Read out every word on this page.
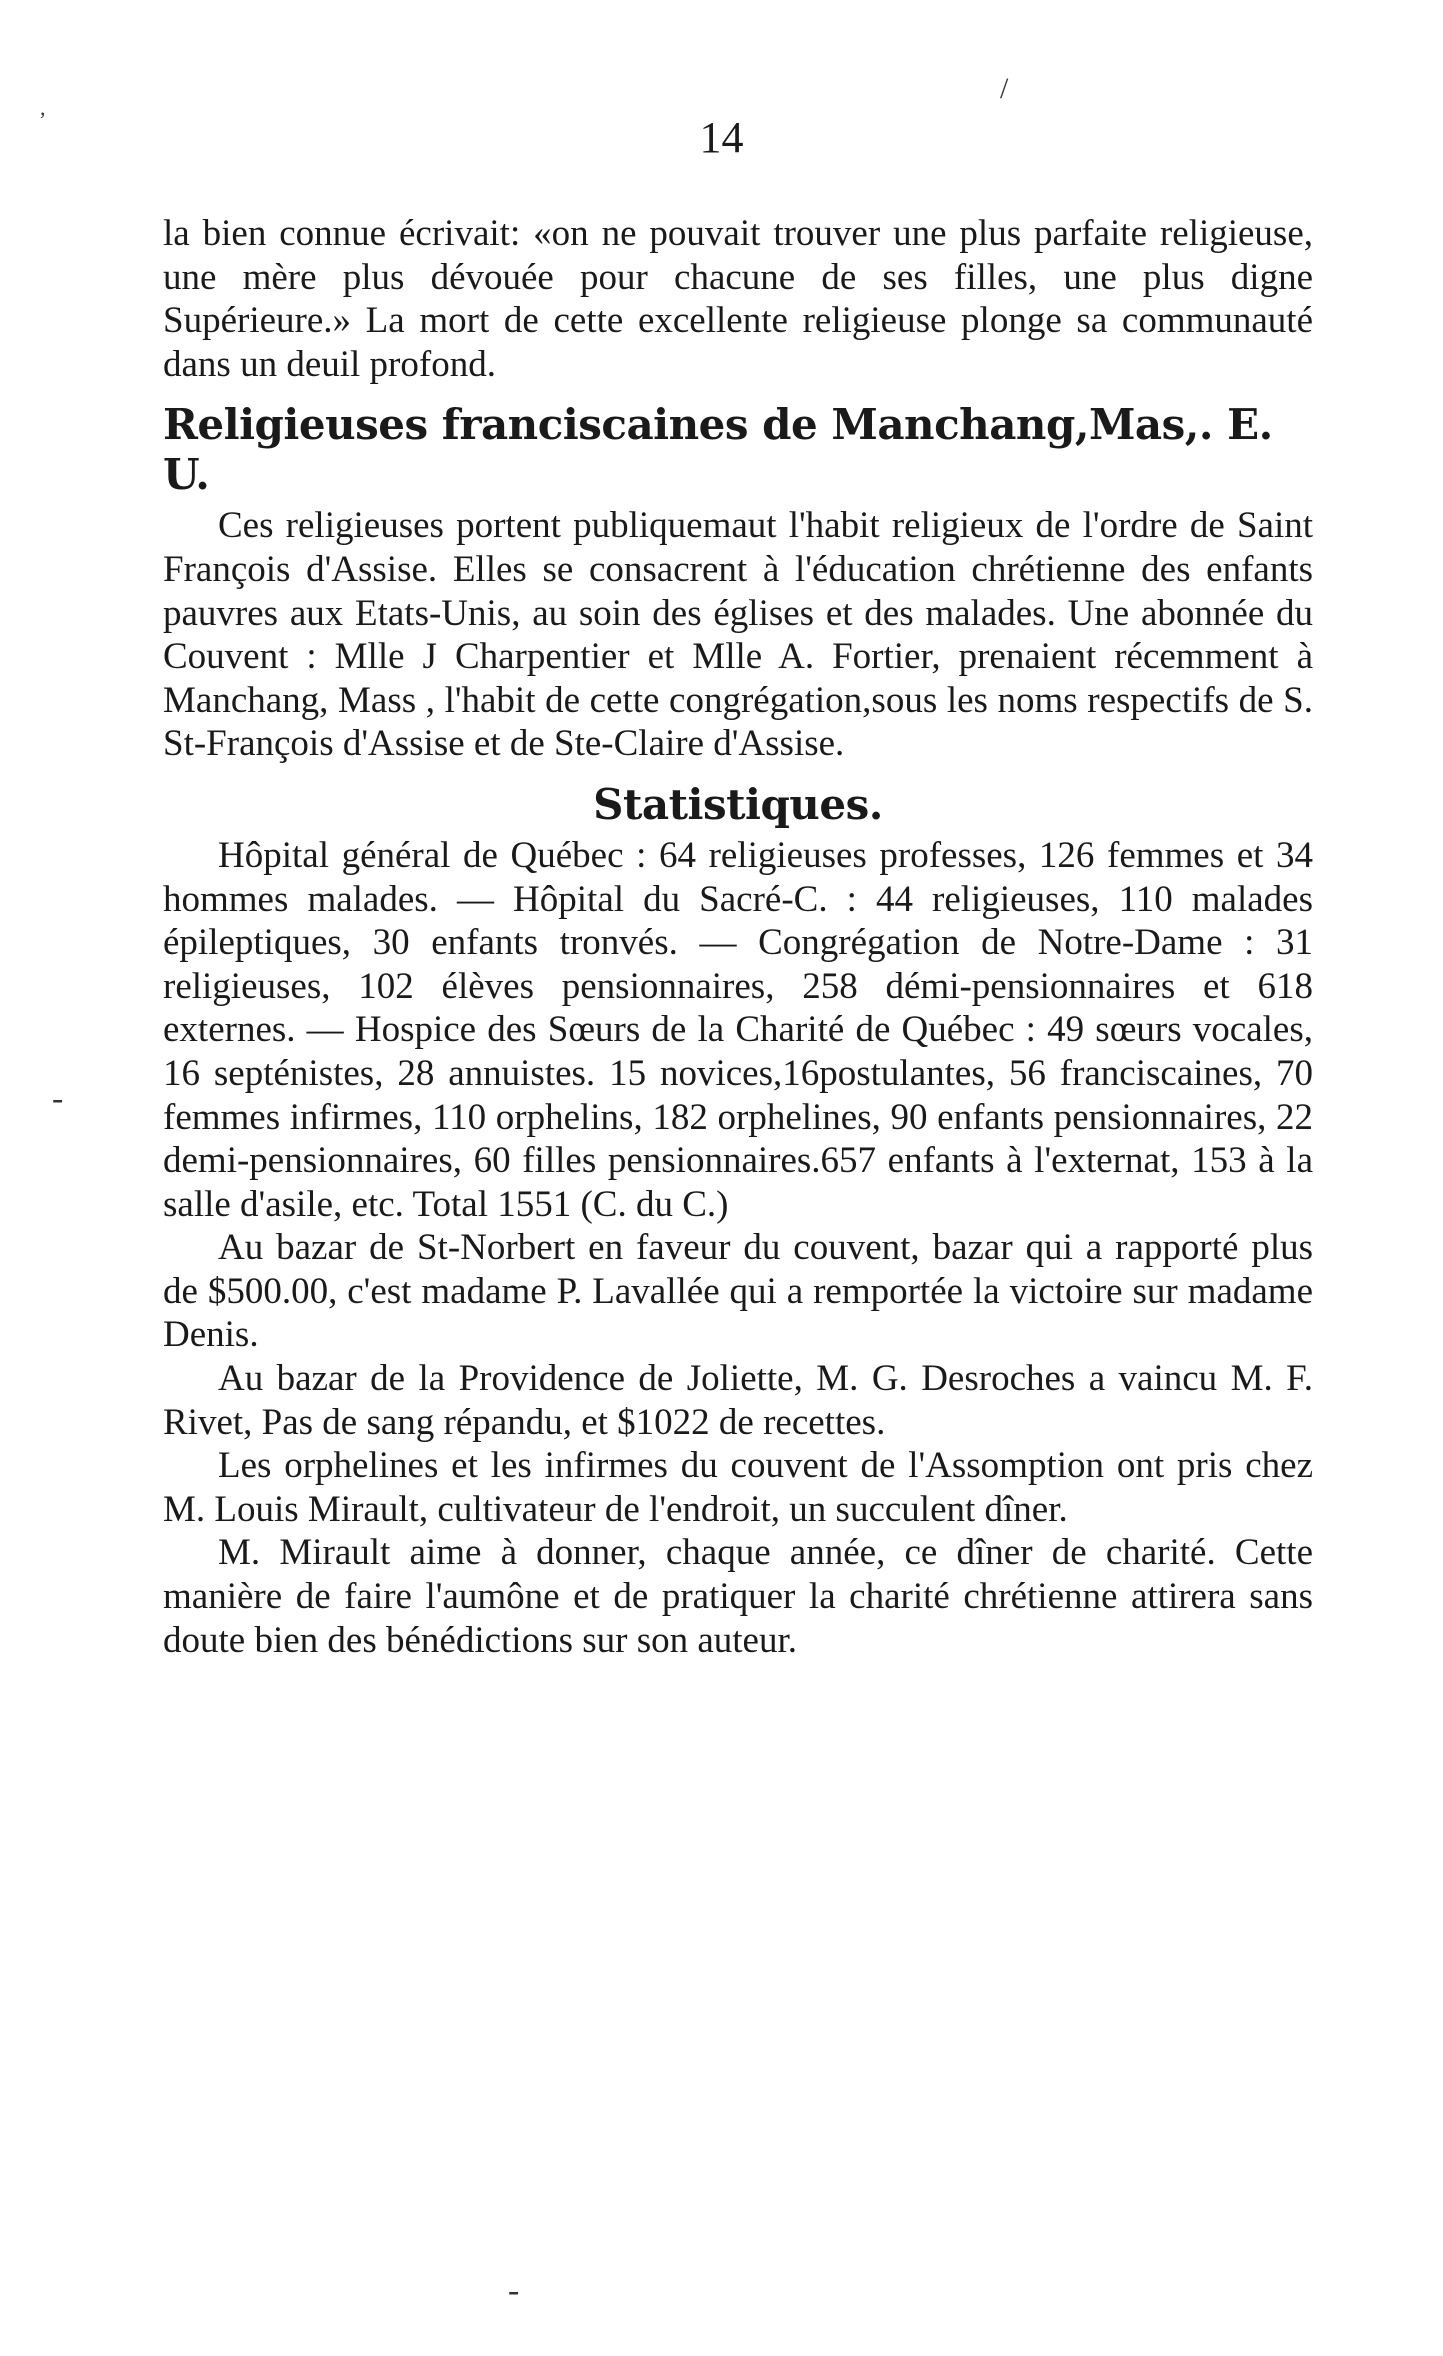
14
,
/
-
-

la bien connue écrivait: «on ne pouvait trouver une plus parfaite religieuse, une mère plus dévouée pour chacune de ses filles, une plus digne Supérieure.» La mort de cette excellente religieuse plonge sa communauté dans un deuil profond.

Religieuses franciscaines de Manchang,Mas,. E. U.

Ces religieuses portent publiquemaut l'habit religieux de l'ordre de Saint François d'Assise. Elles se consacrent à l'éducation chrétienne des enfants pauvres aux Etats-Unis, au soin des églises et des malades. Une abonnée du Couvent : Mlle J Charpentier et Mlle A. Fortier, prenaient récemment à Manchang, Mass , l'habit de cette congrégation,sous les noms respectifs de S. St-François d'Assise et de Ste-Claire d'Assise.

Statistiques.

Hôpital général de Québec : 64 religieuses professes, 126 femmes et 34 hommes malades. — Hôpital du Sacré-C. : 44 religieuses, 110 malades épileptiques, 30 enfants tronvés. — Congrégation de Notre-Dame : 31 religieuses, 102 élèves pensionnaires, 258 démi-pensionnaires et 618 externes. — Hospice des Sœurs de la Charité de Québec : 49 sœurs vocales, 16 septénistes, 28 annuistes. 15 novices,16postulantes, 56 franciscaines, 70 femmes infirmes, 110 orphelins, 182 orphelines, 90 enfants pensionnaires, 22 demi-pensionnaires, 60 filles pensionnaires.657 enfants à l'externat, 153 à la salle d'asile, etc. Total 1551 (C. du C.)

Au bazar de St-Norbert en faveur du couvent, bazar qui a rapporté plus de $500.00, c'est madame P. Lavallée qui a remportée la victoire sur madame Denis.

Au bazar de la Providence de Joliette, M. G. Desroches a vaincu M. F. Rivet, Pas de sang répandu, et $1022 de recettes.

Les orphelines et les infirmes du couvent de l'Assomption ont pris chez M. Louis Mirault, cultivateur de l'endroit, un succulent dîner.

M. Mirault aime à donner, chaque année, ce dîner de charité. Cette manière de faire l'aumône et de pratiquer la charité chrétienne attirera sans doute bien des bénédictions sur son auteur.
